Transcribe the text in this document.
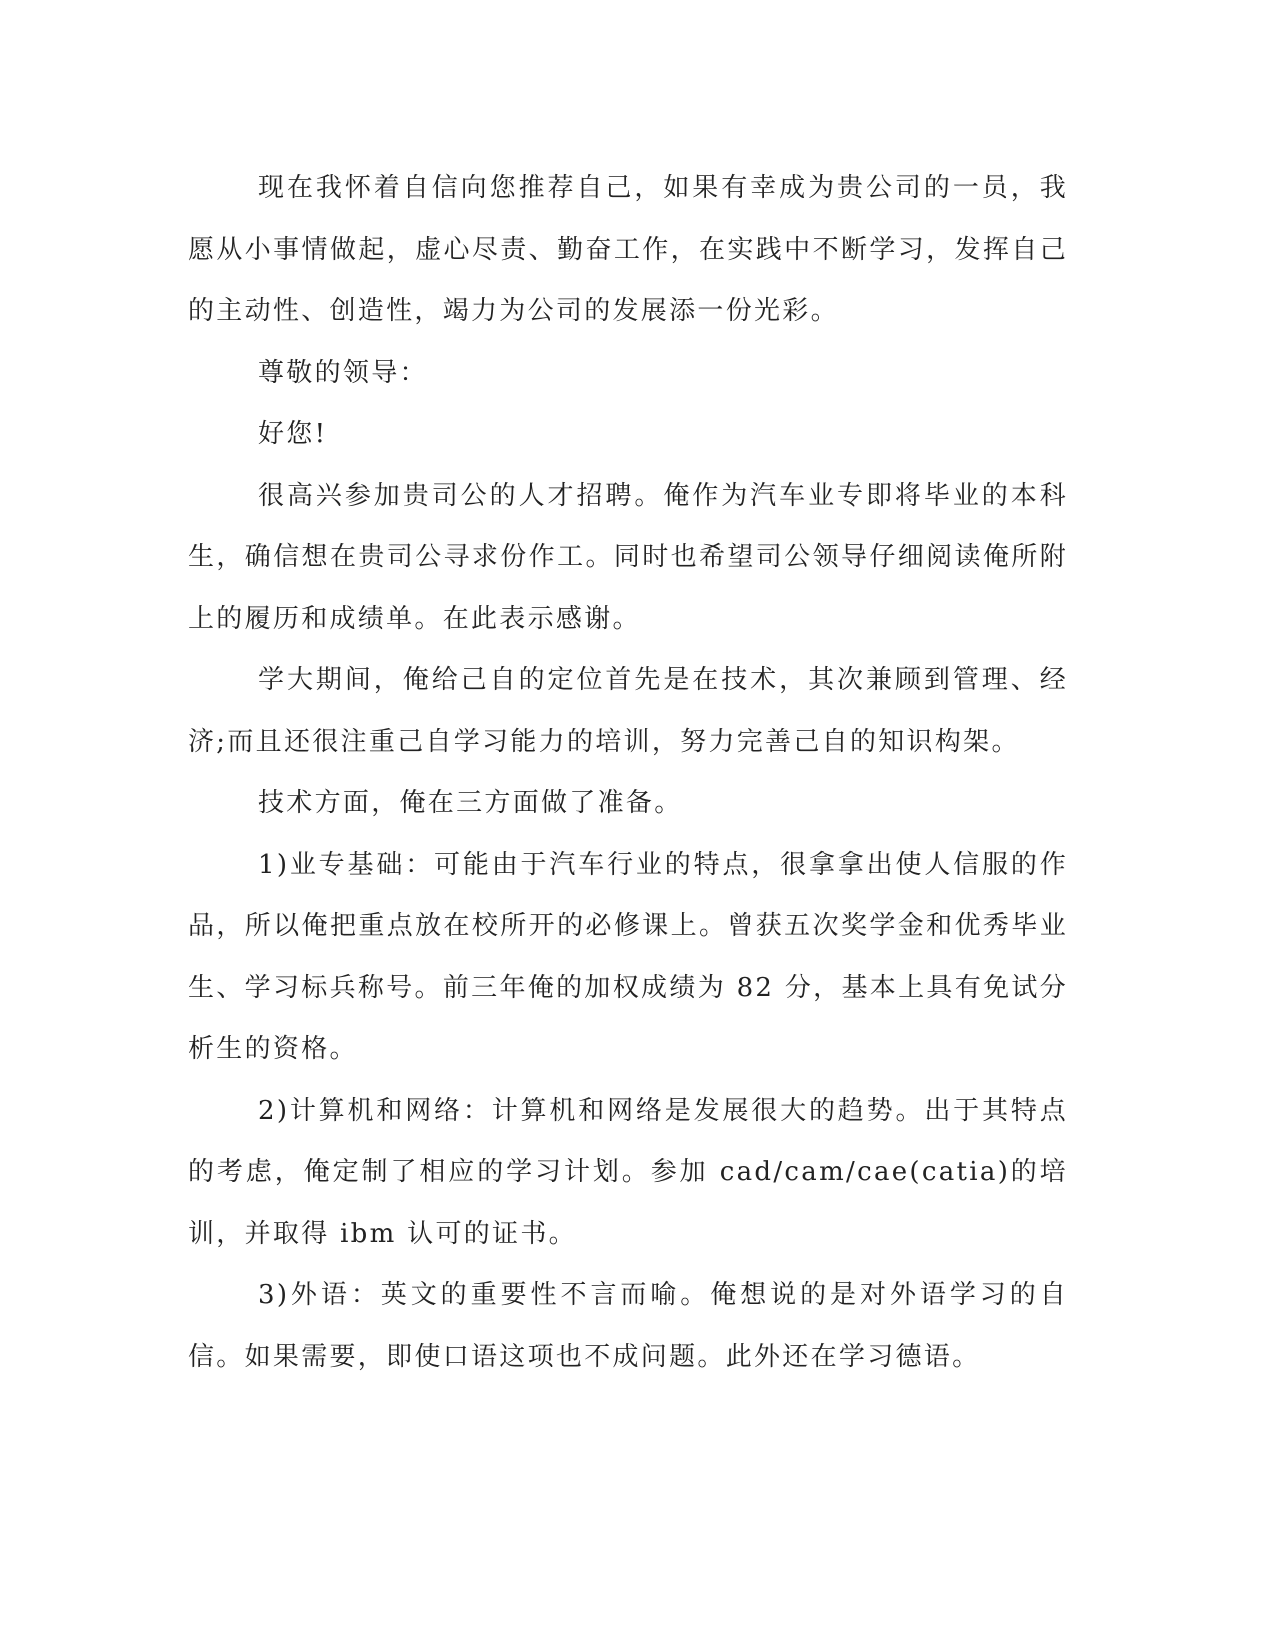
现在我怀着自信向您推荐自己，如果有幸成为贵公司的一员，我愿从小事情做起，虚心尽责、勤奋工作，在实践中不断学习，发挥自己的主动性、创造性，竭力为公司的发展添一份光彩。

尊敬的领导：

好您!

很高兴参加贵司公的人才招聘。俺作为汽车业专即将毕业的本科生，确信想在贵司公寻求份作工。同时也希望司公领导仔细阅读俺所附上的履历和成绩单。在此表示感谢。

学大期间，俺给己自的定位首先是在技术，其次兼顾到管理、经济;而且还很注重己自学习能力的培训，努力完善己自的知识构架。

技术方面，俺在三方面做了准备。

1)业专基础：可能由于汽车行业的特点，很拿拿出使人信服的作品，所以俺把重点放在校所开的必修课上。曾获五次奖学金和优秀毕业生、学习标兵称号。前三年俺的加权成绩为 82 分，基本上具有免试分析生的资格。

2)计算机和网络：计算机和网络是发展很大的趋势。出于其特点的考虑，俺定制了相应的学习计划。参加 cad/cam/cae(catia)的培训，并取得 ibm 认可的证书。

3)外语：英文的重要性不言而喻。俺想说的是对外语学习的自信。如果需要，即使口语这项也不成问题。此外还在学习德语。
